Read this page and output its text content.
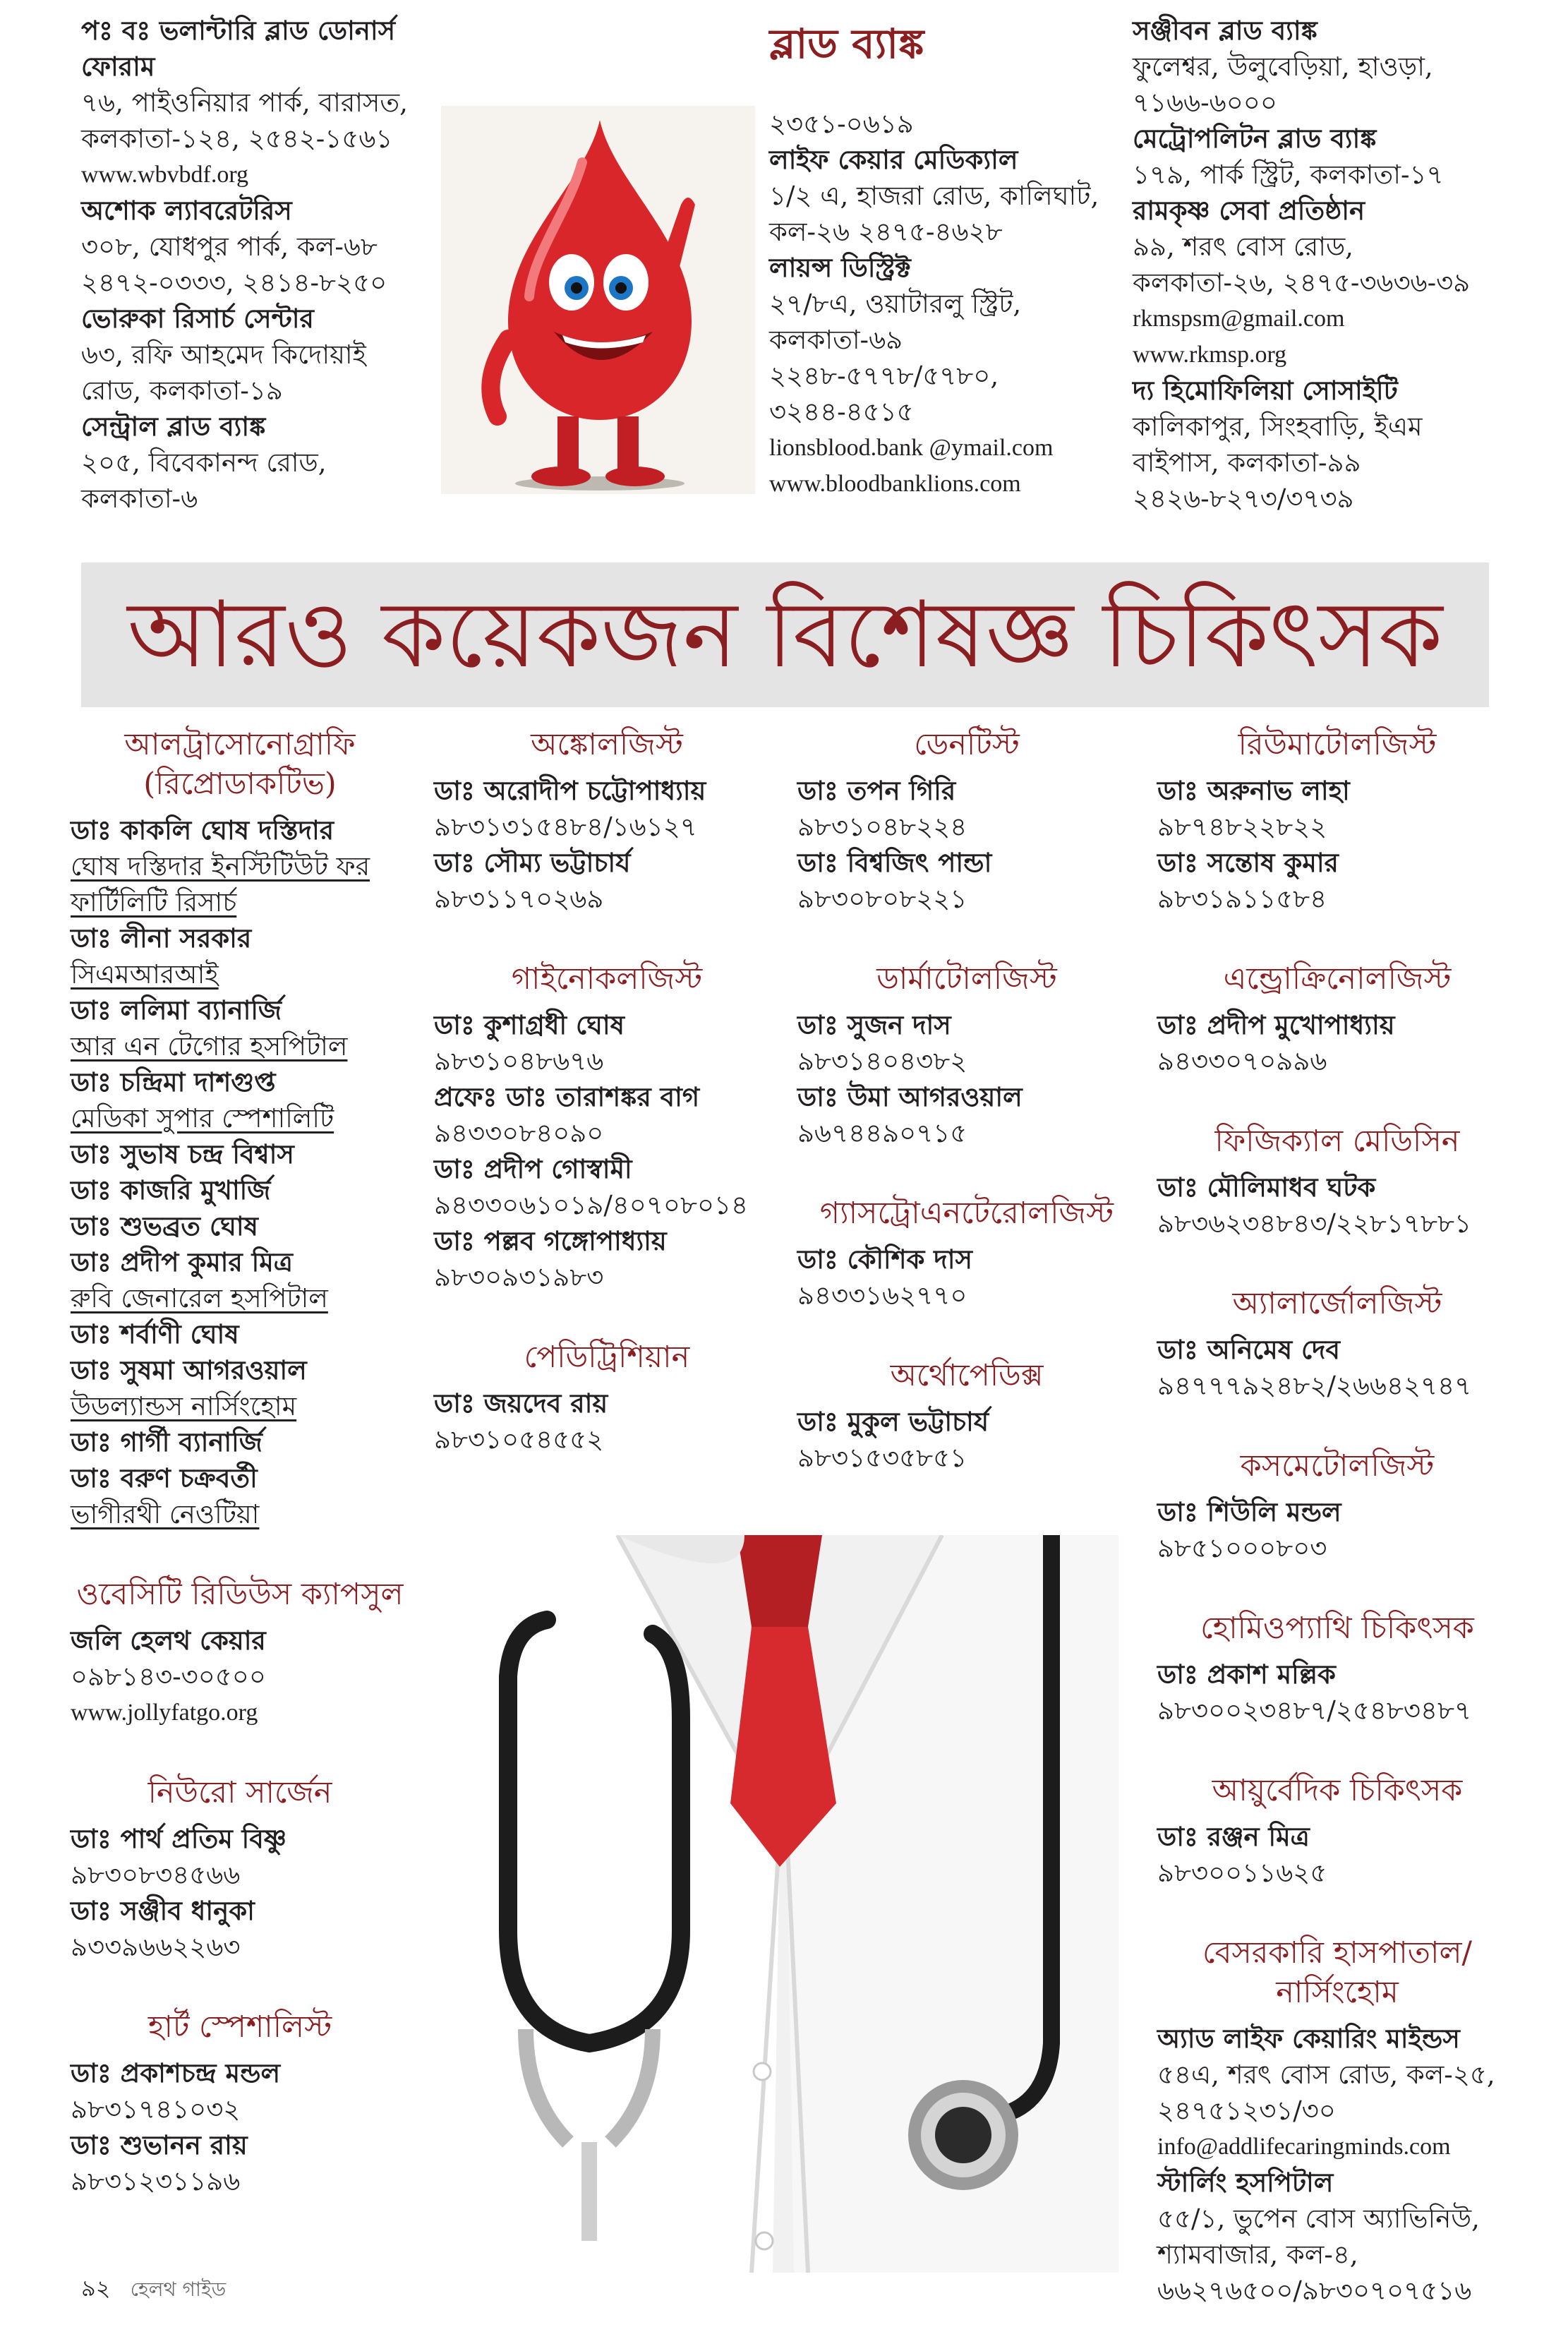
পঃ বঃ ভলান্টারি ব্লাড ডোনার্স ফোরাম
৭৬, পাইওনিয়ার পার্ক, বারাসত, কলকাতা-১২৪, ২৫৪২-১৫৬১
www.wbvbdf.org
অশোক ল্যাবরেটরিস
৩০৮, যোধপুর পার্ক, কল-৬৮ ২৪৭২-০৩৩৩, ২৪১৪-৮২৫০
ভোরুকা রিসার্চ সেন্টার
৬৩, রফি আহমেদ কিদোয়াই রোড, কলকাতা-১৯
সেন্ট্রাল ব্লাড ব্যাঙ্ক
২০৫, বিবেকানন্দ রোড, কলকাতা-৬
ব্লাড ব্যাঙ্ক
২৩৫১-০৬১৯
লাইফ কেয়ার মেডিক্যাল
১/২ এ, হাজরা রোড, কালিঘাট, কল-২৬ ২৪৭৫-৪৬২৮
লায়ন্স ডিস্ট্রিক্ট
২৭/৮এ, ওয়াটারলু স্ট্রিট, কলকাতা-৬৯ ২২৪৮-৫৭৭৮/৫৭৮০, ৩২৪৪-৪৫১৫
lionsblood.bank @ymail.com
www.bloodbanklions.com
সঞ্জীবন ব্লাড ব্যাঙ্ক
ফুলেশ্বর, উলুবেড়িয়া, হাওড়া, ৭১৬৬-৬০০০
মেট্রোপলিটন ব্লাড ব্যাঙ্ক
১৭৯, পার্ক স্ট্রিট, কলকাতা-১৭
রামকৃষ্ণ সেবা প্রতিষ্ঠান
৯৯, শরৎ বোস রোড, কলকাতা-২৬, ২৪৭৫-৩৬৩৬-৩৯
rkmspsm@gmail.com
www.rkmsp.org
দ্য হিমোফিলিয়া সোসাইটি
কালিকাপুর, সিংহবাড়ি, ইএম বাইপাস, কলকাতা-৯৯ ২৪২৬-৮২৭৩/৩৭৩৯
আরও কয়েকজন বিশেষজ্ঞ চিকিৎসক
আলট্রাসোনোগ্রাফি (রিপ্রোডাকটিভ)
ডাঃ কাকলি ঘোষ দস্তিদার
ঘোষ দস্তিদার ইনস্টিটিউট ফর ফার্টিলিটি রিসার্চ
ডাঃ লীনা সরকার
সিএমআরআই
ডাঃ ললিমা ব্যানার্জি
আর এন টেগোর হসপিটাল
ডাঃ চন্দ্রিমা দাশগুপ্ত
মেডিকা সুপার স্পেশালিটি
ডাঃ সুভাষ চন্দ্র বিশ্বাস
ডাঃ কাজরি মুখার্জি
ডাঃ শুভব্রত ঘোষ
ডাঃ প্রদীপ কুমার মিত্র
রুবি জেনারেল হসপিটাল
ডাঃ শর্বাণী ঘোষ
ডাঃ সুষমা আগরওয়াল
উডল্যান্ডস নার্সিংহোম
ডাঃ গার্গী ব্যানার্জি
ডাঃ বরুণ চক্রবর্তী
ভাগীরথী নেওটিয়া
ওবেসিটি রিডিউস ক্যাপসুল
জলি হেলথ কেয়ার
০৯৮১৪৩-৩০৫০০
www.jollyfatgo.org
নিউরো সার্জেন
ডাঃ পার্থ প্রতিম বিষ্ণু
৯৮৩০৮৩৪৫৬৬
ডাঃ সঞ্জীব ধানুকা
৯৩৩৯৬৬২২৬৩
হার্ট স্পেশালিস্ট
ডাঃ প্রকাশচন্দ্র মন্ডল
৯৮৩১৭৪১০৩২
ডাঃ শুভানন রায়
৯৮৩১২৩১১৯৬
অঙ্কোলজিস্ট
ডাঃ অরোদীপ চট্টোপাধ্যায়
৯৮৩১৩১৫৪৮৪/১৬১২৭
ডাঃ সৌম্য ভট্টাচার্য
৯৮৩১১৭০২৬৯
গাইনোকলজিস্ট
ডাঃ কুশাগ্রধী ঘোষ
৯৮৩১০৪৮৬৭৬
প্রফেঃ ডাঃ তারাশঙ্কর বাগ
৯৪৩৩০৮৪০৯০
ডাঃ প্রদীপ গোস্বামী
৯৪৩৩০৬১০১৯/৪০৭০৮০১৪
ডাঃ পল্লব গঙ্গোপাধ্যায়
৯৮৩০৯৩১৯৮৩
পেডিট্রিশিয়ান
ডাঃ জয়দেব রায়
৯৮৩১০৫৪৫৫২
ডেনটিস্ট
ডাঃ তপন গিরি
৯৮৩১০৪৮২২৪
ডাঃ বিশ্বজিৎ পান্ডা
৯৮৩০৮০৮২২১
ডার্মাটোলজিস্ট
ডাঃ সুজন দাস
৯৮৩১৪০৪৩৮২
ডাঃ উমা আগরওয়াল
৯৬৭৪৪৯০৭১৫
গ্যাসট্রোএনটেরোলজিস্ট
ডাঃ কৌশিক দাস
৯৪৩৩১৬২৭৭০
অর্থোপেডিক্স
ডাঃ মুকুল ভট্টাচার্য
৯৮৩১৫৩৫৮৫১
রিউমাটোলজিস্ট
ডাঃ অরুনাভ লাহা
৯৮৭৪৮২২৮২২
ডাঃ সন্তোষ কুমার
৯৮৩১৯১১৫৮৪
এন্ড্রোক্রিনোলজিস্ট
ডাঃ প্রদীপ মুখোপাধ্যায়
৯৪৩৩০৭০৯৯৬
ফিজিক্যাল মেডিসিন
ডাঃ মৌলিমাধব ঘটক
৯৮৩৬২৩৪৮৪৩/২২৮১৭৮৮১
অ্যালার্জোলজিস্ট
ডাঃ অনিমেষ দেব
৯৪৭৭৭৯২৪৮২/২৬৬৪২৭৪৭
কসমেটোলজিস্ট
ডাঃ শিউলি মন্ডল
৯৮৫১০০০৮০৩
হোমিওপ্যাথি চিকিৎসক
ডাঃ প্রকাশ মল্লিক
৯৮৩০০২৩৪৮৭/২৫৪৮৩৪৮৭
আয়ুর্বেদিক চিকিৎসক
ডাঃ রঞ্জন মিত্র
৯৮৩০০১১৬২৫
বেসরকারি হাসপাতাল/নার্সিংহোম
অ্যাড লাইফ কেয়ারিং মাইন্ডস
৫৪এ, শরৎ বোস রোড, কল-২৫, ২৪৭৫১২৩১/৩০
info@addlifecaringminds.com
স্টার্লিং হসপিটাল
৫৫/১, ভুপেন বোস অ্যাভিনিউ, শ্যামবাজার, কল-৪, ৬৬২৭৬৫০০/৯৮৩০৭০৭৫১৬
৯২ হেলথ গাইড
